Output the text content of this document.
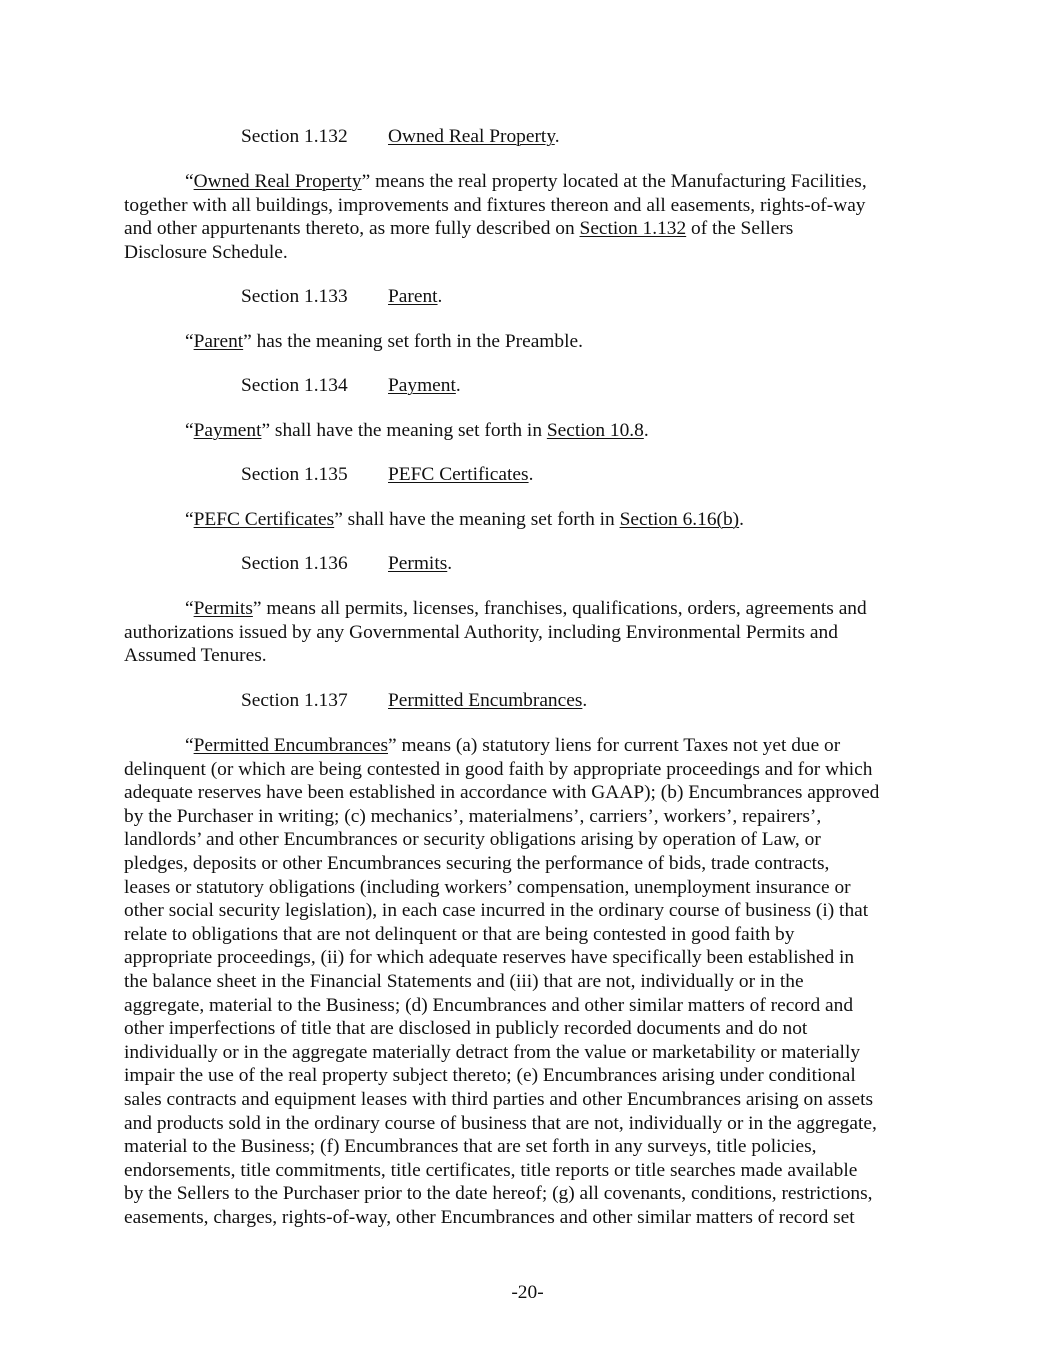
Section 1.132 Owned Real Property.
“Owned Real Property” means the real property located at the Manufacturing Facilities,
together with all buildings, improvements and fixtures thereon and all easements, rights-of-way
and other appurtenants thereto, as more fully described on Section 1.132 of the Sellers
Disclosure Schedule.
Section 1.133 Parent.
“Parent” has the meaning set forth in the Preamble.
Section 1.134 Payment.
“Payment” shall have the meaning set forth in Section 10.8.
Section 1.135 PEFC Certificates.
“PEFC Certificates” shall have the meaning set forth in Section 6.16(b).
Section 1.136 Permits.
“Permits” means all permits, licenses, franchises, qualifications, orders, agreements and
authorizations issued by any Governmental Authority, including Environmental Permits and
Assumed Tenures.
Section 1.137 Permitted Encumbrances.
“Permitted Encumbrances” means (a) statutory liens for current Taxes not yet due or
delinquent (or which are being contested in good faith by appropriate proceedings and for which
adequate reserves have been established in accordance with GAAP); (b) Encumbrances approved
by the Purchaser in writing; (c) mechanics’, materialmens’, carriers’, workers’, repairers’,
landlords’ and other Encumbrances or security obligations arising by operation of Law, or
pledges, deposits or other Encumbrances securing the performance of bids, trade contracts,
leases or statutory obligations (including workers’ compensation, unemployment insurance or
other social security legislation), in each case incurred in the ordinary course of business (i) that
relate to obligations that are not delinquent or that are being contested in good faith by
appropriate proceedings, (ii) for which adequate reserves have specifically been established in
the balance sheet in the Financial Statements and (iii) that are not, individually or in the
aggregate, material to the Business; (d) Encumbrances and other similar matters of record and
other imperfections of title that are disclosed in publicly recorded documents and do not
individually or in the aggregate materially detract from the value or marketability or materially
impair the use of the real property subject thereto; (e) Encumbrances arising under conditional
sales contracts and equipment leases with third parties and other Encumbrances arising on assets
and products sold in the ordinary course of business that are not, individually or in the aggregate,
material to the Business; (f) Encumbrances that are set forth in any surveys, title policies,
endorsements, title commitments, title certificates, title reports or title searches made available
by the Sellers to the Purchaser prior to the date hereof; (g) all covenants, conditions, restrictions,
easements, charges, rights-of-way, other Encumbrances and other similar matters of record set
-20-
